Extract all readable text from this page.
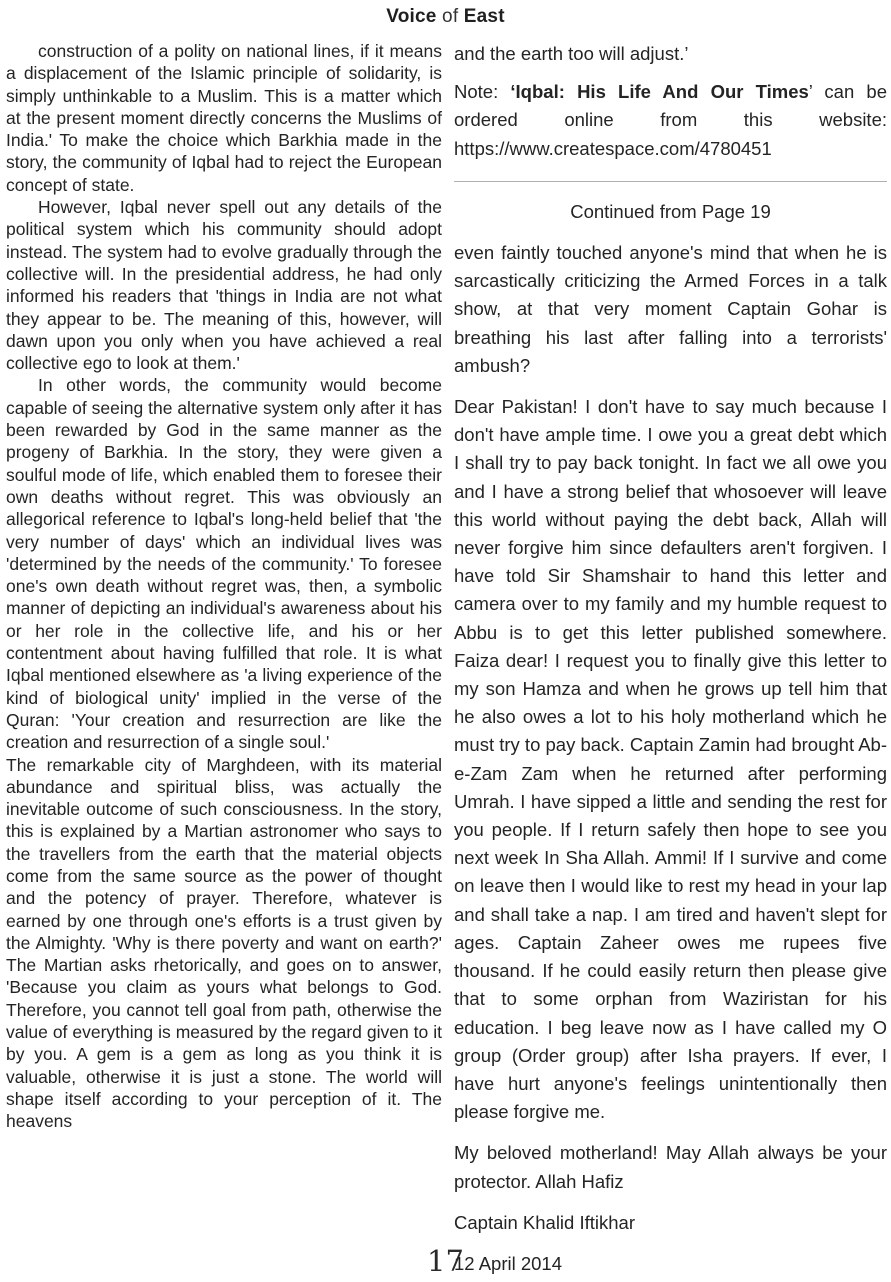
Voice of East

construction of a polity on national lines, if it means a displacement of the Islamic principle of solidarity, is simply unthinkable to a Muslim. This is a matter which at the present moment directly concerns the Muslims of India.' To make the choice which Barkhia made in the story, the community of Iqbal had to reject the European concept of state.

However, Iqbal never spell out any details of the political system which his community should adopt instead. The system had to evolve gradually through the collective will. In the presidential address, he had only informed his readers that 'things in India are not what they appear to be. The meaning of this, however, will dawn upon you only when you have achieved a real collective ego to look at them.'

In other words, the community would become capable of seeing the alternative system only after it has been rewarded by God in the same manner as the progeny of Barkhia. In the story, they were given a soulful mode of life, which enabled them to foresee their own deaths without regret. This was obviously an allegorical reference to Iqbal's long-held belief that 'the very number of days' which an individual lives was 'determined by the needs of the community.' To foresee one's own death without regret was, then, a symbolic manner of depicting an individual's awareness about his or her role in the collective life, and his or her contentment about having fulfilled that role. It is what Iqbal mentioned elsewhere as 'a living experience of the kind of biological unity' implied in the verse of the Quran: 'Your creation and resurrection are like the creation and resurrection of a single soul.'

The remarkable city of Marghdeen, with its material abundance and spiritual bliss, was actually the inevitable outcome of such consciousness. In the story, this is explained by a Martian astronomer who says to the travellers from the earth that the material objects come from the same source as the power of thought and the potency of prayer. Therefore, whatever is earned by one through one's efforts is a trust given by the Almighty. 'Why is there poverty and want on earth?' The Martian asks rhetorically, and goes on to answer, 'Because you claim as yours what belongs to God. Therefore, you cannot tell goal from path, otherwise the value of everything is measured by the regard given to it by you. A gem is a gem as long as you think it is valuable, otherwise it is just a stone. The world will shape itself according to your perception of it. The heavens

and the earth too will adjust.’

Note: ‘Iqbal: His Life And Our Times’ can be ordered online from this website: https://www.createspace.com/4780451

Continued from Page 19

even faintly touched anyone's mind that when he is sarcastically criticizing the Armed Forces in a talk show, at that very moment Captain Gohar is breathing his last after falling into a terrorists' ambush?

Dear Pakistan! I don't have to say much because I don't have ample time. I owe you a great debt which I shall try to pay back tonight. In fact we all owe you and I have a strong belief that whosoever will leave this world without paying the debt back, Allah will never forgive him since defaulters aren't forgiven. I have told Sir Shamshair to hand this letter and camera over to my family and my humble request to Abbu is to get this letter published somewhere. Faiza dear! I request you to finally give this letter to my son Hamza and when he grows up tell him that he also owes a lot to his holy motherland which he must try to pay back. Captain Zamin had brought Ab-e-Zam Zam when he returned after performing Umrah. I have sipped a little and sending the rest for you people. If I return safely then hope to see you next week In Sha Allah. Ammi! If I survive and come on leave then I would like to rest my head in your lap and shall take a nap. I am tired and haven't slept for ages. Captain Zaheer owes me rupees five thousand. If he could easily return then please give that to some orphan from Waziristan for his education. I beg leave now as I have called my O group (Order group) after Isha prayers. If ever, I have hurt anyone's feelings unintentionally then please forgive me.

My beloved motherland! May Allah always be your protector. Allah Hafiz

Captain Khalid Iftikhar

12 April 2014

17
